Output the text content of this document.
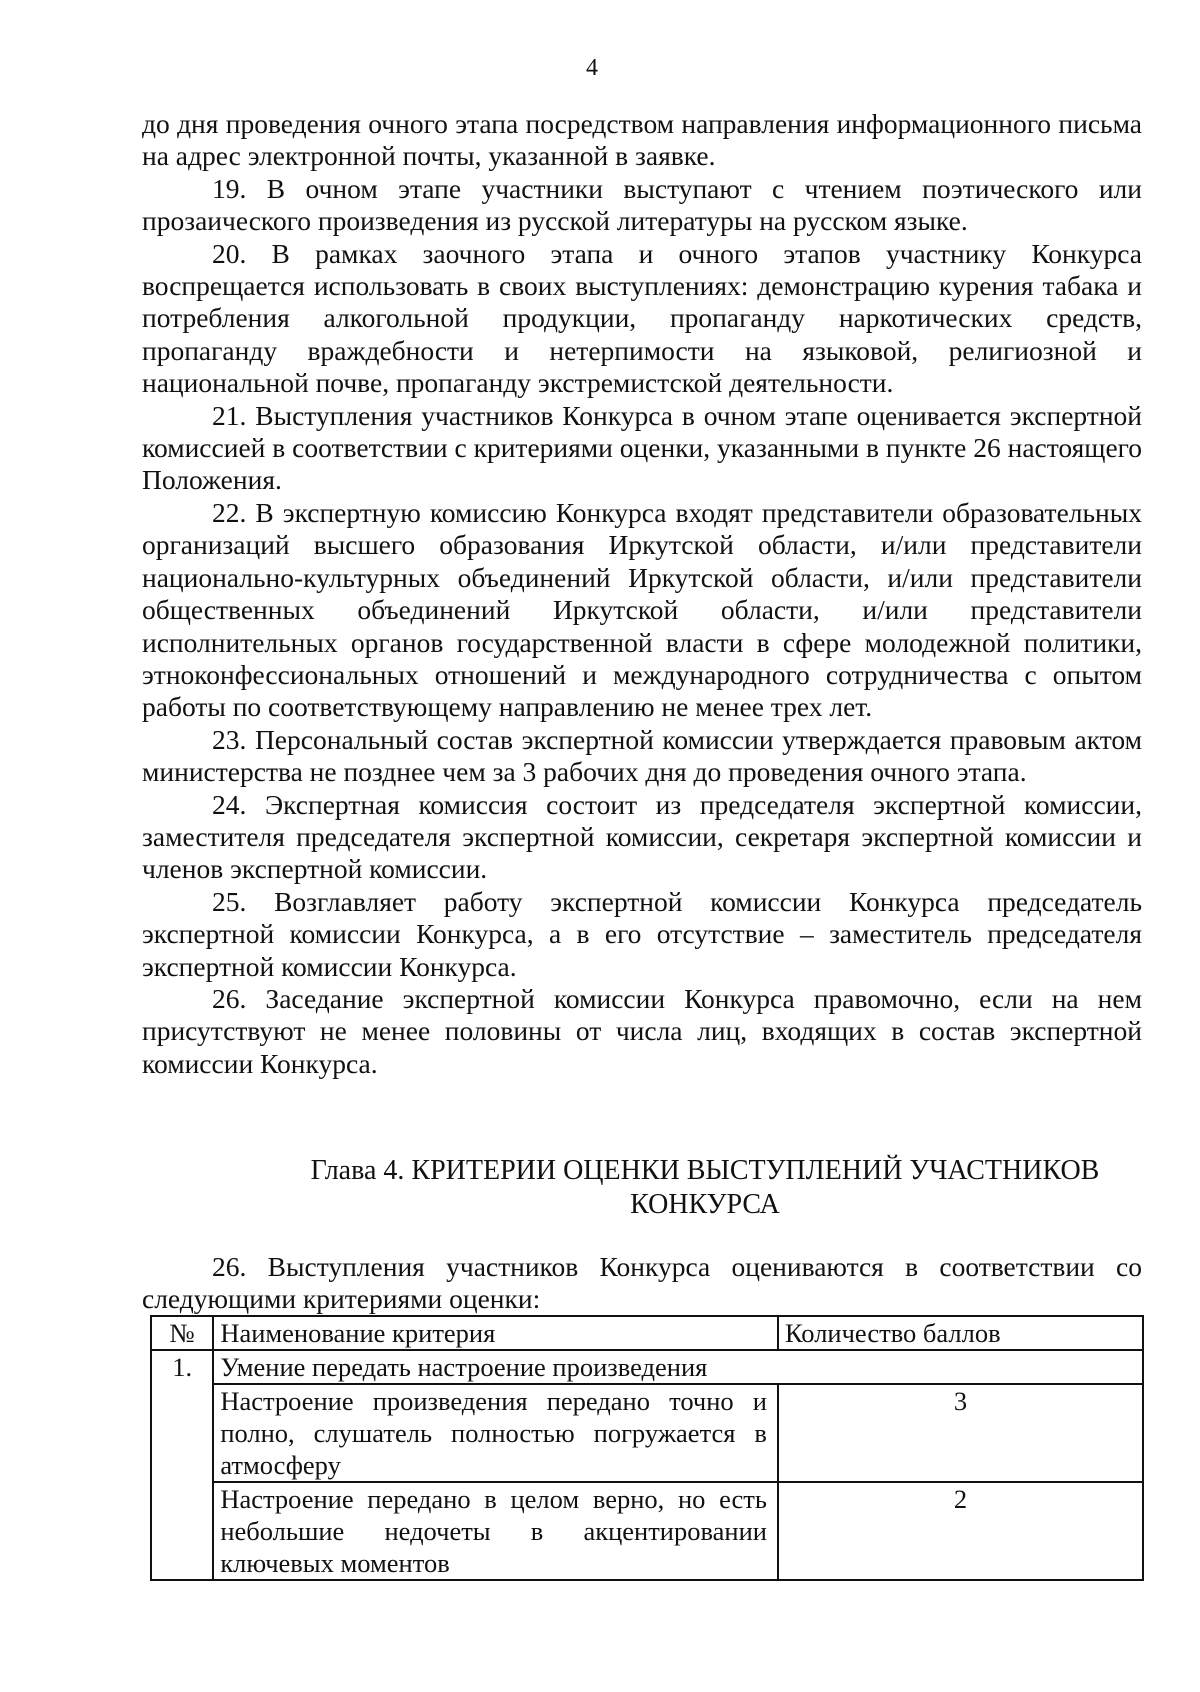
4

до дня проведения очного этапа посредством направления информационного письма на адрес электронной почты, указанной в заявке.

19. В очном этапе участники выступают с чтением поэтического или прозаического произведения из русской литературы на русском языке.

20. В рамках заочного этапа и очного этапов участнику Конкурса воспрещается использовать в своих выступлениях: демонстрацию курения табака и потребления алкогольной продукции, пропаганду наркотических средств, пропаганду враждебности и нетерпимости на языковой, религиозной и национальной почве, пропаганду экстремистской деятельности.

21. Выступления участников Конкурса в очном этапе оценивается экспертной комиссией в соответствии с критериями оценки, указанными в пункте 26 настоящего Положения.

22. В экспертную комиссию Конкурса входят представители образовательных организаций высшего образования Иркутской области, и/или представители национально-культурных объединений Иркутской области, и/или представители общественных объединений Иркутской области, и/или представители исполнительных органов государственной власти в сфере молодежной политики, этноконфессиональных отношений и международного сотрудничества с опытом работы по соответствующему направлению не менее трех лет.

23. Персональный состав экспертной комиссии утверждается правовым актом министерства не позднее чем за 3 рабочих дня до проведения очного этапа.

24. Экспертная комиссия состоит из председателя экспертной комиссии, заместителя председателя экспертной комиссии, секретаря экспертной комиссии и членов экспертной комиссии.

25. Возглавляет работу экспертной комиссии Конкурса председатель экспертной комиссии Конкурса, а в его отсутствие – заместитель председателя экспертной комиссии Конкурса.

26. Заседание экспертной комиссии Конкурса правомочно, если на нем присутствуют не менее половины от числа лиц, входящих в состав экспертной комиссии Конкурса.

Глава 4. КРИТЕРИИ ОЦЕНКИ ВЫСТУПЛЕНИЙ УЧАСТНИКОВ КОНКУРСА

26. Выступления участников Конкурса оцениваются в соответствии со следующими критериями оценки:

№	Наименование критерия	Количество баллов
1.	Умение передать настроение произведения	
	Настроение произведения передано точно и полно, слушатель полностью погружается в атмосферу	3
	Настроение передано в целом верно, но есть небольшие недочеты в акцентировании ключевых моментов	2
